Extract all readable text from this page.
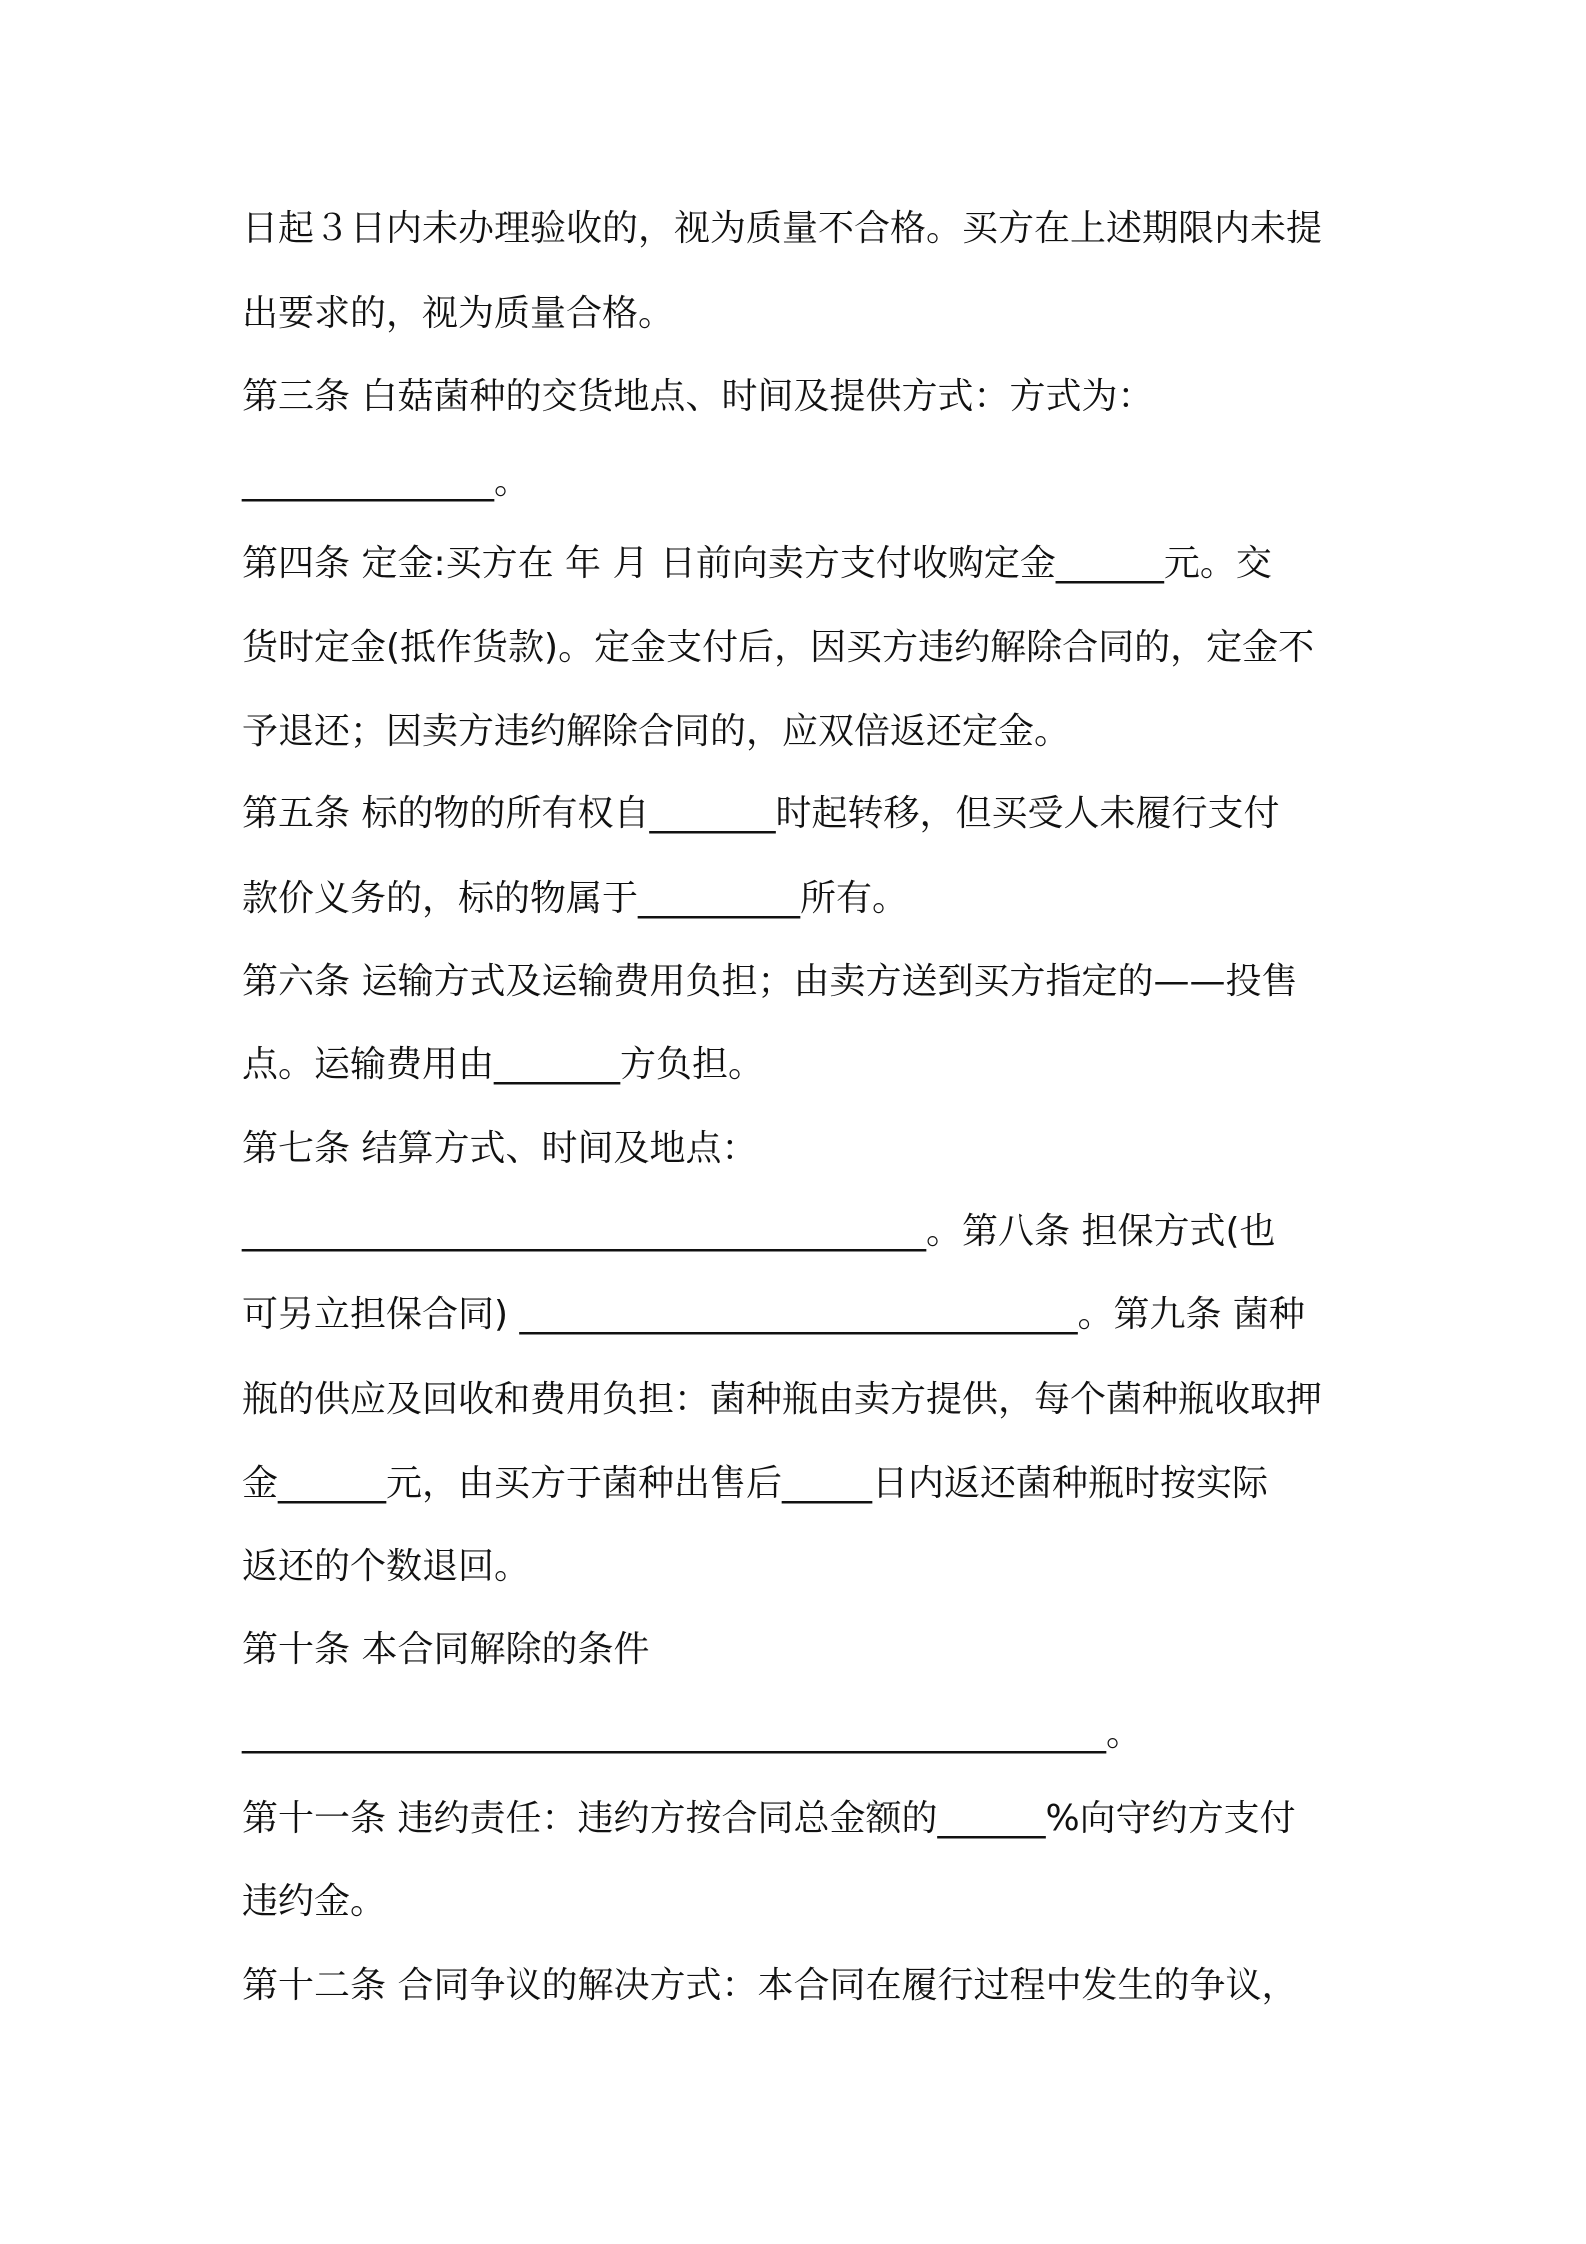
日起３日内未办理验收的，视为质量不合格。买方在上述期限内未提

出要求的，视为质量合格。

第三条 白菇菌种的交货地点、时间及提供方式：方式为：

______________。

第四条 定金:买方在 年 月 日前向卖方支付收购定金______元。交

货时定金(抵作货款)。定金支付后，因买方违约解除合同的，定金不

予退还；因卖方违约解除合同的，应双倍返还定金。

第五条 标的物的所有权自_______时起转移，但买受人未履行支付

款价义务的，标的物属于_________所有。

第六条 运输方式及运输费用负担；由卖方送到买方指定的——投售

点。运输费用由_______方负担。

第七条 结算方式、时间及地点：

______________________________________。第八条 担保方式(也

可另立担保合同) _______________________________。第九条 菌种

瓶的供应及回收和费用负担：菌种瓶由卖方提供，每个菌种瓶收取押

金______元，由买方于菌种出售后_____日内返还菌种瓶时按实际

返还的个数退回。

第十条 本合同解除的条件

________________________________________________。

第十一条 违约责任：违约方按合同总金额的______%向守约方支付

违约金。

第十二条 合同争议的解决方式：本合同在履行过程中发生的争议，
